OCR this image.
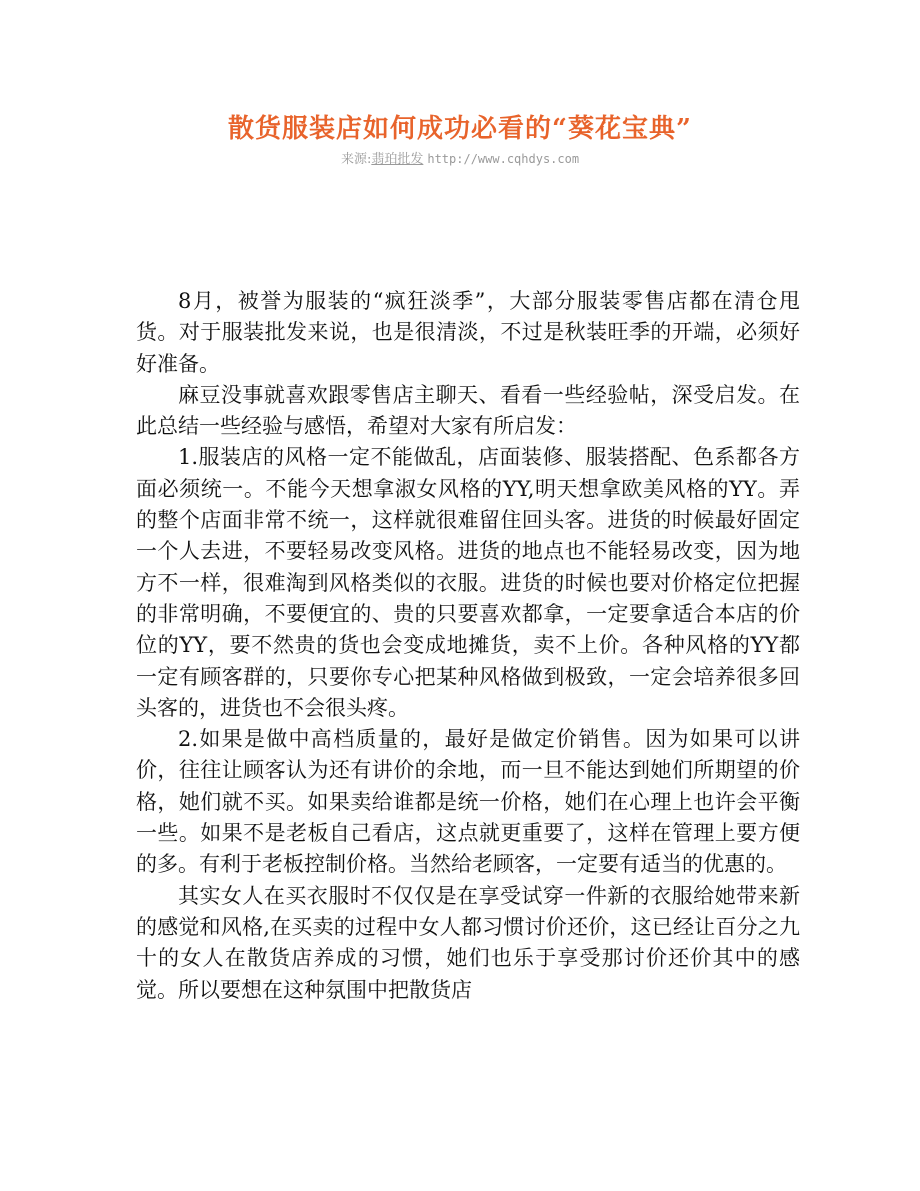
散货服装店如何成功必看的“葵花宝典”
来源:翡珀批发 http://www.cqhdys.com

8月，被誉为服装的“疯狂淡季”，大部分服装零售店都在清仓甩货。对于服装批发来说，也是很清淡，不过是秋装旺季的开端，必须好好准备。

麻豆没事就喜欢跟零售店主聊天、看看一些经验帖，深受启发。在此总结一些经验与感悟，希望对大家有所启发：

1.服装店的风格一定不能做乱，店面装修、服装搭配、色系都各方面必须统一。不能今天想拿淑女风格的YY,明天想拿欧美风格的YY。弄的整个店面非常不统一，这样就很难留住回头客。进货的时候最好固定一个人去进，不要轻易改变风格。进货的地点也不能轻易改变，因为地方不一样，很难淘到风格类似的衣服。进货的时候也要对价格定位把握的非常明确，不要便宜的、贵的只要喜欢都拿，一定要拿适合本店的价位的YY，要不然贵的货也会变成地摊货，卖不上价。各种风格的YY都一定有顾客群的，只要你专心把某种风格做到极致，一定会培养很多回头客的，进货也不会很头疼。

2.如果是做中高档质量的，最好是做定价销售。因为如果可以讲价，往往让顾客认为还有讲价的余地，而一旦不能达到她们所期望的价格，她们就不买。如果卖给谁都是统一价格，她们在心理上也许会平衡一些。如果不是老板自己看店，这点就更重要了，这样在管理上要方便的多。有利于老板控制价格。当然给老顾客，一定要有适当的优惠的。

其实女人在买衣服时不仅仅是在享受试穿一件新的衣服给她带来新的感觉和风格,在买卖的过程中女人都习惯讨价还价，这已经让百分之九十的女人在散货店养成的习惯，她们也乐于享受那讨价还价其中的感觉。所以要想在这种氛围中把散货店
